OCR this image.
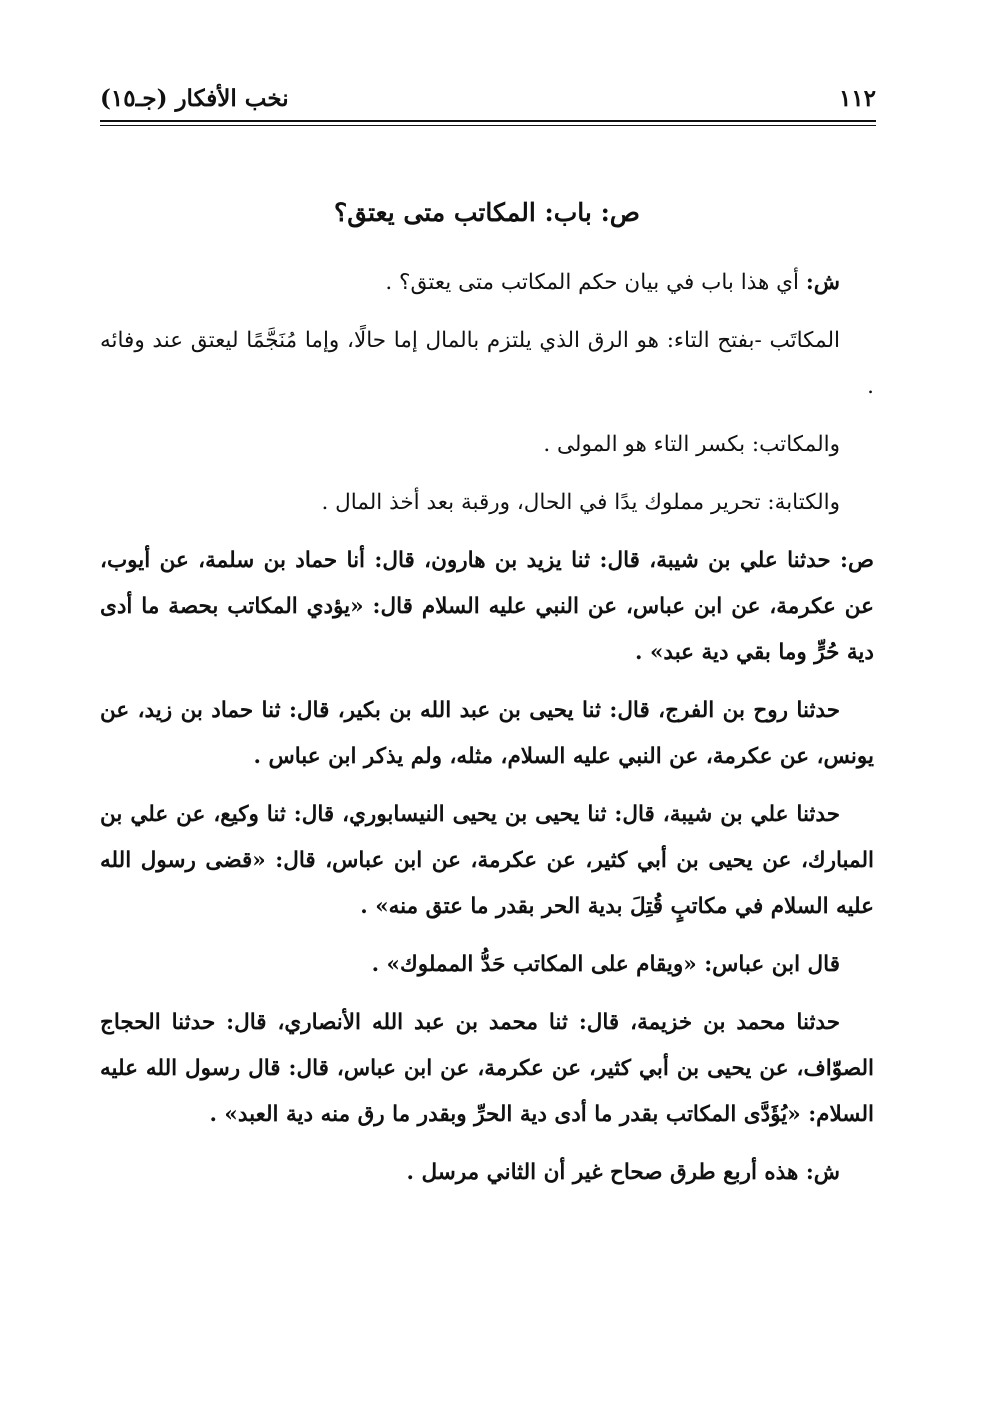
١١٢
نخب الأفكار (جـ١٥)
ص: باب: المكاتب متى يعتق؟

ش: أي هذا باب في بيان حكم المكاتب متى يعتق؟ .

المكاتَب -بفتح التاء: هو الرق الذي يلتزم بالمال إما حالًا، وإما مُنَجَّمًا ليعتق عند وفائه .

والمكاتب: بكسر التاء هو المولى .

والكتابة: تحرير مملوك يدًا في الحال، ورقبة بعد أخذ المال .

ص: حدثنا علي بن شيبة، قال: ثنا يزيد بن هارون، قال: أنا حماد بن سلمة، عن أيوب، عن عكرمة، عن ابن عباس، عن النبي عليه السلام قال: «يؤدي المكاتب بحصة ما أدى دية حُرٍّ وما بقي دية عبد» .

حدثنا روح بن الفرج، قال: ثنا يحيى بن عبد الله بن بكير، قال: ثنا حماد بن زيد، عن يونس، عن عكرمة، عن النبي عليه السلام، مثله، ولم يذكر ابن عباس .

حدثنا علي بن شيبة، قال: ثنا يحيى بن يحيى النيسابوري، قال: ثنا وكيع، عن علي بن المبارك، عن يحيى بن أبي كثير، عن عكرمة، عن ابن عباس، قال: «قضى رسول الله عليه السلام في مكاتبٍ قُتِلَ بدية الحر بقدر ما عتق منه» .

قال ابن عباس: «ويقام على المكاتب حَدُّ المملوك» .

حدثنا محمد بن خزيمة، قال: ثنا محمد بن عبد الله الأنصاري، قال: حدثنا الحجاج الصوّاف، عن يحيى بن أبي كثير، عن عكرمة، عن ابن عباس، قال: قال رسول الله عليه السلام: «يُؤَدَّى المكاتب بقدر ما أدى دية الحرِّ وبقدر ما رق منه دية العبد» .

ش: هذه أربع طرق صحاح غير أن الثاني مرسل .
